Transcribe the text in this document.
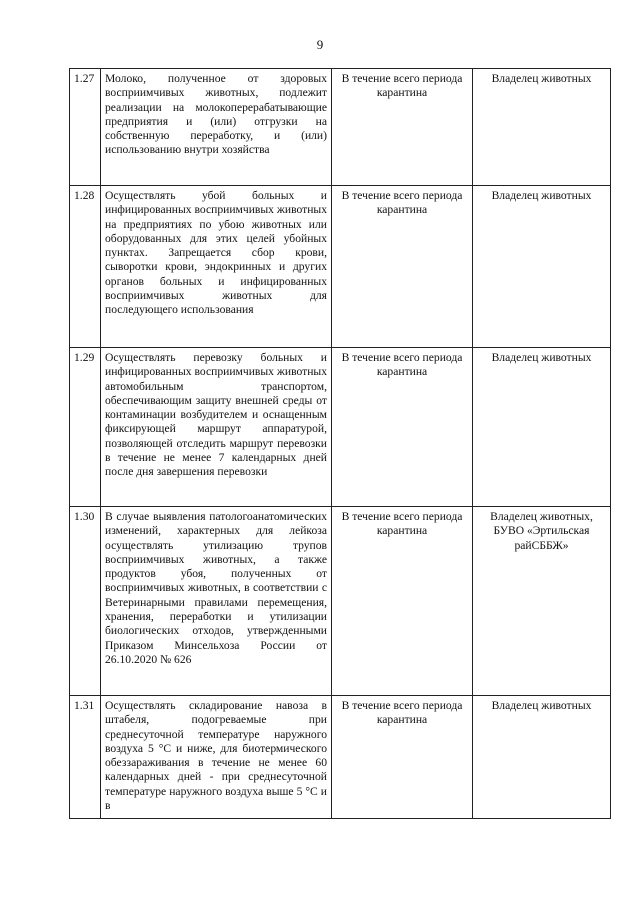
9
1.27	Молоко, полученное от здоровых восприимчивых животных, подлежит реализации на молокоперерабатывающие предприятия и (или) отгрузки на собственную переработку, и (или) использованию внутри хозяйства	В течение всего периода карантина	Владелец животных
1.28	Осуществлять убой больных и инфицированных восприимчивых животных на предприятиях по убою животных или оборудованных для этих целей убойных пунктах. Запрещается сбор крови, сыворотки крови, эндокринных и других органов больных и инфицированных восприимчивых животных для последующего использования	В течение всего периода карантина	Владелец животных
1.29	Осуществлять перевозку больных и инфицированных восприимчивых животных автомобильным транспортом, обеспечивающим защиту внешней среды от контаминации возбудителем и оснащенным фиксирующей маршрут аппаратурой, позволяющей отследить маршрут перевозки в течение не менее 7 календарных дней после дня завершения перевозки	В течение всего периода карантина	Владелец животных
1.30	В случае выявления патологоанатомических изменений, характерных для лейкоза осуществлять утилизацию трупов восприимчивых животных, а также продуктов убоя, полученных от восприимчивых животных, в соответствии с Ветеринарными правилами перемещения, хранения, переработки и утилизации биологических отходов, утвержденными Приказом Минсельхоза России от 26.10.2020 № 626	В течение всего периода карантина	Владелец животных, БУВО «Эртильская райСББЖ»
1.31	Осуществлять складирование навоза в штабеля, подогреваемые при среднесуточной температуре наружного воздуха 5 °С и ниже, для биотермического обеззараживания в течение не менее 60 календарных дней - при среднесуточной температуре наружного воздуха выше 5 °С и в	В течение всего периода карантина	Владелец животных
